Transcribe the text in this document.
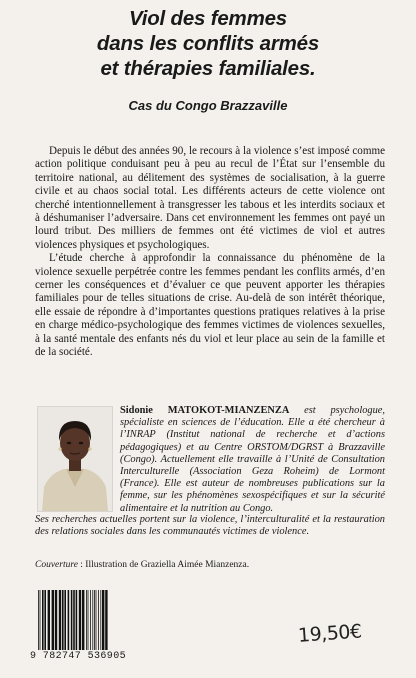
Viol des femmes
dans les conflits armés
et thérapies familiales.
Cas du Congo Brazzaville

Depuis le début des années 90, le recours à la violence s’est imposé comme action politique conduisant peu à peu au recul de l’État sur l’ensemble du territoire national, au délitement des systèmes de socialisation, à la guerre civile et au chaos social total. Les différents acteurs de cette violence ont cherché intentionnellement à transgresser les tabous et les interdits sociaux et à déshumaniser l’adversaire. Dans cet environnement les femmes ont payé un lourd tribut. Des milliers de femmes ont été victimes de viol et autres violences physiques et psychologiques.

L’étude cherche à approfondir la connaissance du phénomène de la violence sexuelle perpétrée contre les femmes pendant les conflits armés, d’en cerner les conséquences et d’évaluer ce que peuvent apporter les thérapies familiales pour de telles situations de crise. Au-delà de son intérêt théorique, elle essaie de répondre à d’importantes questions pratiques relatives à la prise en charge médico-psychologique des femmes victimes de violences sexuelles, à la santé mentale des enfants nés du viol et leur place au sein de la famille et de la société.

Sidonie MATOKOT-MIANZENZA est psychologue, spécialiste en sciences de l’éducation. Elle a été chercheur à l’INRAP (Institut national de recherche et d’actions pédagogiques) et au Centre ORSTOM/DGRST à Brazzaville (Congo). Actuellement elle travaille à l’Unité de Consultation Interculturelle (Association Geza Roheim) de Lormont (France). Elle est auteur de nombreuses publications sur la femme, sur les phénomènes sexospécifiques et sur la sécurité alimentaire et la nutrition au Congo.
Ses recherches actuelles portent sur la violence, l’interculturalité et la restauration des relations sociales dans les communautés victimes de violence.
Couverture : Illustration de Graziella Aimée Mianzenza.
9 782747 536905
19,50€
